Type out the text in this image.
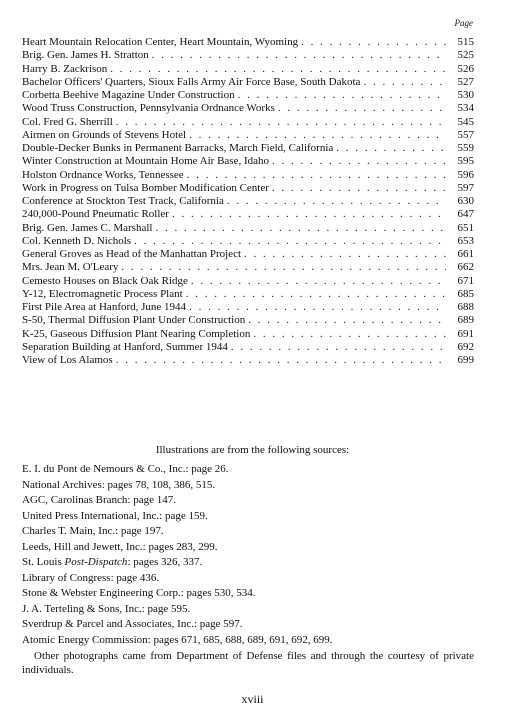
Page
Heart Mountain Relocation Center, Heart Mountain, Wyoming . . .	515
Brig. Gen. James H. Stratton . . .	525
Harry B. Zackrison . . .	526
Bachelor Officers' Quarters, Sioux Falls Army Air Force Base, South Dakota . . .	527
Corbetta Beehive Magazine Under Construction . . .	530
Wood Truss Construction, Pennsylvania Ordnance Works . . .	534
Col. Fred G. Sherrill . . .	545
Airmen on Grounds of Stevens Hotel . . .	557
Double-Decker Bunks in Permanent Barracks, March Field, California . . .	559
Winter Construction at Mountain Home Air Base, Idaho . . .	595
Holston Ordnance Works, Tennessee . . .	596
Work in Progress on Tulsa Bomber Modification Center . . .	597
Conference at Stockton Test Track, California . . .	630
240,000-Pound Pneumatic Roller . . .	647
Brig. Gen. James C. Marshall . . .	651
Col. Kenneth D. Nichols . . .	653
General Groves as Head of the Manhattan Project . . .	661
Mrs. Jean M. O'Leary . . .	662
Cemesto Houses on Black Oak Ridge . . .	671
Y-12, Electromagnetic Process Plant . . .	685
First Pile Area at Hanford, June 1944 . . .	688
S-50, Thermal Diffusion Plant Under Construction . . .	689
K-25, Gaseous Diffusion Plant Nearing Completion . . .	691
Separation Building at Hanford, Summer 1944 . . .	692
View of Los Alamos . . .	699
Illustrations are from the following sources:
E. I. du Pont de Nemours & Co., Inc.: page 26.
National Archives: pages 78, 108, 386, 515.
AGC, Carolinas Branch: page 147.
United Press International, Inc.: page 159.
Charles T. Main, Inc.: page 197.
Leeds, Hill and Jewett, Inc.: pages 283, 299.
St. Louis Post-Dispatch: pages 326, 337.
Library of Congress: page 436.
Stone & Webster Engineering Corp.: pages 530, 534.
J. A. Terteling & Sons, Inc.: page 595.
Sverdrup & Parcel and Associates, Inc.: page 597.
Atomic Energy Commission: pages 671, 685, 688, 689, 691, 692, 699.
Other photographs came from Department of Defense files and through the courtesy of private individuals.
xviii
